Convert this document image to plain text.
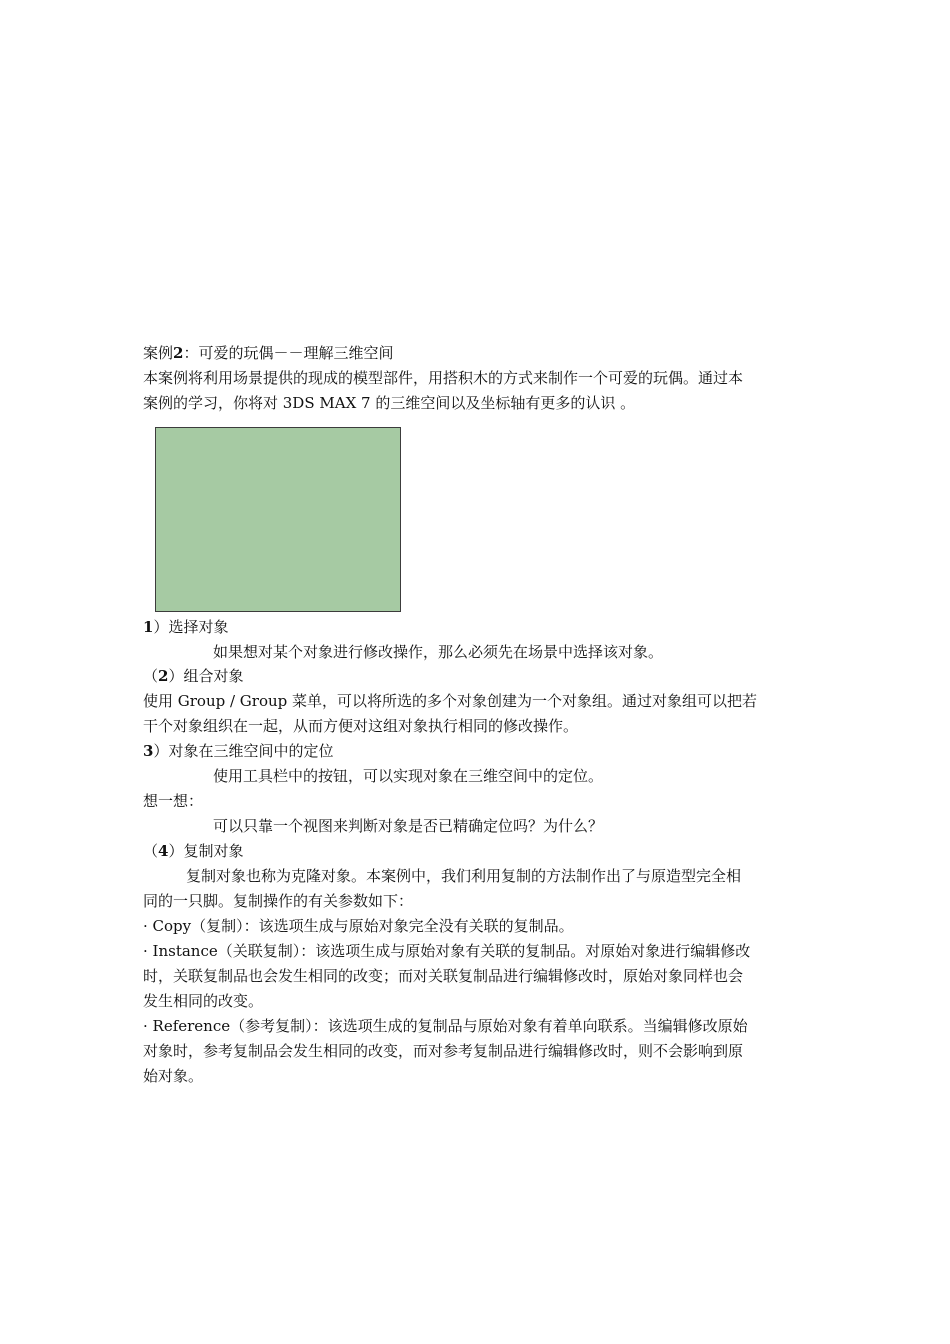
案例2：可爱的玩偶－－理解三维空间
本案例将利用场景提供的现成的模型部件，用搭积木的方式来制作一个可爱的玩偶。通过本
案例的学习，你将对 3DS MAX 7 的三维空间以及坐标轴有更多的认识 。
1）选择对象
如果想对某个对象进行修改操作，那么必须先在场景中选择该对象。
（2）组合对象
使用 Group / Group 菜单，可以将所选的多个对象创建为一个对象组。通过对象组可以把若
干个对象组织在一起，从而方便对这组对象执行相同的修改操作。
3）对象在三维空间中的定位
使用工具栏中的按钮，可以实现对象在三维空间中的定位。
想一想：
可以只靠一个视图来判断对象是否已精确定位吗？为什么？
（4）复制对象
复制对象也称为克隆对象。本案例中，我们利用复制的方法制作出了与原造型完全相
同的一只脚。复制操作的有关参数如下：
· Copy（复制）：该选项生成与原始对象完全没有关联的复制品。
· Instance（关联复制）：该选项生成与原始对象有关联的复制品。对原始对象进行编辑修改
时，关联复制品也会发生相同的改变；而对关联复制品进行编辑修改时，原始对象同样也会
发生相同的改变。
· Reference（参考复制）：该选项生成的复制品与原始对象有着单向联系。当编辑修改原始
对象时，参考复制品会发生相同的改变，而对参考复制品进行编辑修改时，则不会影响到原
始对象。
